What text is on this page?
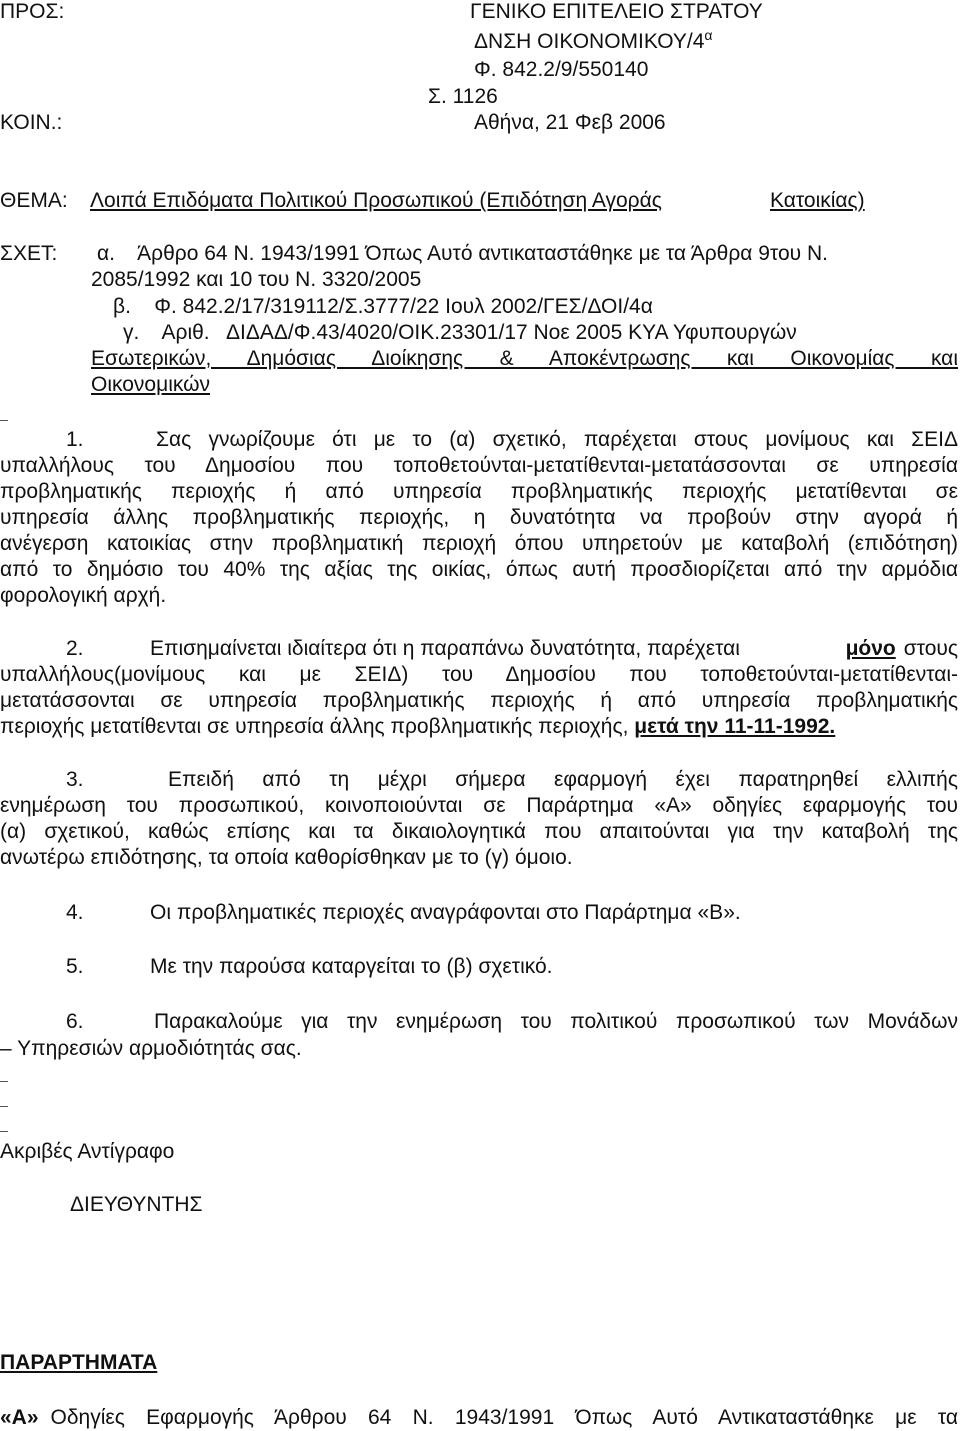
ΠΡΟΣ:	ΓΕΝΙΚΟ ΕΠΙΤΕΛΕΙΟ ΣΤΡΑΤΟΥ
ΔΝΣΗ ΟΙΚΟΝΟΜΙΚΟΥ/$4^\alpha$
Φ. 842.2/9/550140
Σ. 1126
ΚΟΙΝ.:	Αθήνα, 21 Φεβ 2006
ΘΕΜΑ: Λοιπά Επιδόματα Πολιτικού Προσωπικού (Επιδότηση Αγοράς	Κατοικίας)
ΣΧΕΤ: α.    Άρθρο 64 Ν. 1943/1991 Όπως Αυτό αντικαταστάθηκε με τα Άρθρα 9του Ν.
2085/1992 και 10 του Ν. 3320/2005
β.    Φ. 842.2/17/319112/Σ.3777/22 Ιουλ 2002/ΓΕΣ/ΔΟΙ/4α
γ.    Αριθ.   ΔΙΔΑΔ/Φ.43/4020/ΟΙΚ.23301/17 Νοε 2005 ΚΥΑ Υφυπουργών
Εσωτερικών, Δημόσιας Διοίκησης & Αποκέντρωσης και Οικονομίας και
Οικονομικών
1.	Σας γνωρίζουμε ότι με το (α) σχετικό, παρέχεται στους μονίμους και ΣΕΙΔ
υπαλλήλους του Δημοσίου που τοποθετούνται-μετατίθενται-μετατάσσονται σε υπηρεσία
προβληματικής περιοχής ή από υπηρεσία προβληματικής περιοχής μετατίθενται σε
υπηρεσία άλλης προβληματικής περιοχής, η δυνατότητα να προβούν στην αγορά ή
ανέγερση κατοικίας στην προβληματική περιοχή όπου υπηρετούν με καταβολή (επιδότηση)
από το δημόσιο του 40% της αξίας της οικίας, όπως αυτή προσδιορίζεται από την αρμόδια
φορολογική αρχή.
2.	Επισημαίνεται ιδιαίτερα ότι η παραπάνω δυνατότητα, παρέχεται	μόνο στους
υπαλλήλους(μονίμους και με ΣΕΙΔ) του Δημοσίου που τοποθετούνται-μετατίθενται-
μετατάσσονται σε υπηρεσία προβληματικής περιοχής ή από υπηρεσία προβληματικής
περιοχής μετατίθενται σε υπηρεσία άλλης προβληματικής περιοχής, μετά την 11-11-1992.
3.	Επειδή από τη μέχρι σήμερα εφαρμογή έχει παρατηρηθεί ελλιπής
ενημέρωση του προσωπικού, κοινοποιούνται σε Παράρτημα «Α» οδηγίες εφαρμογής του
(α) σχετικού, καθώς επίσης και τα δικαιολογητικά που απαιτούνται για την καταβολή της
ανωτέρω επιδότησης, τα οποία καθορίσθηκαν με το (γ) όμοιο.
4.	Οι προβληματικές περιοχές αναγράφονται στο Παράρτημα «Β».
5.	Με την παρούσα καταργείται το (β) σχετικό.
6.	Παρακαλούμε για την ενημέρωση του πολιτικού προσωπικού των Μονάδων
– Υπηρεσιών αρμοδιότητάς σας.
Ακριβές Αντίγραφο
ΔΙΕΥΘΥΝΤΗΣ
ΠΑΡΑΡΤΗΜΑΤΑ
«Α» Οδηγίες Εφαρμογής Άρθρου 64 Ν. 1943/1991 Όπως Αυτό Αντικαταστάθηκε με τα
